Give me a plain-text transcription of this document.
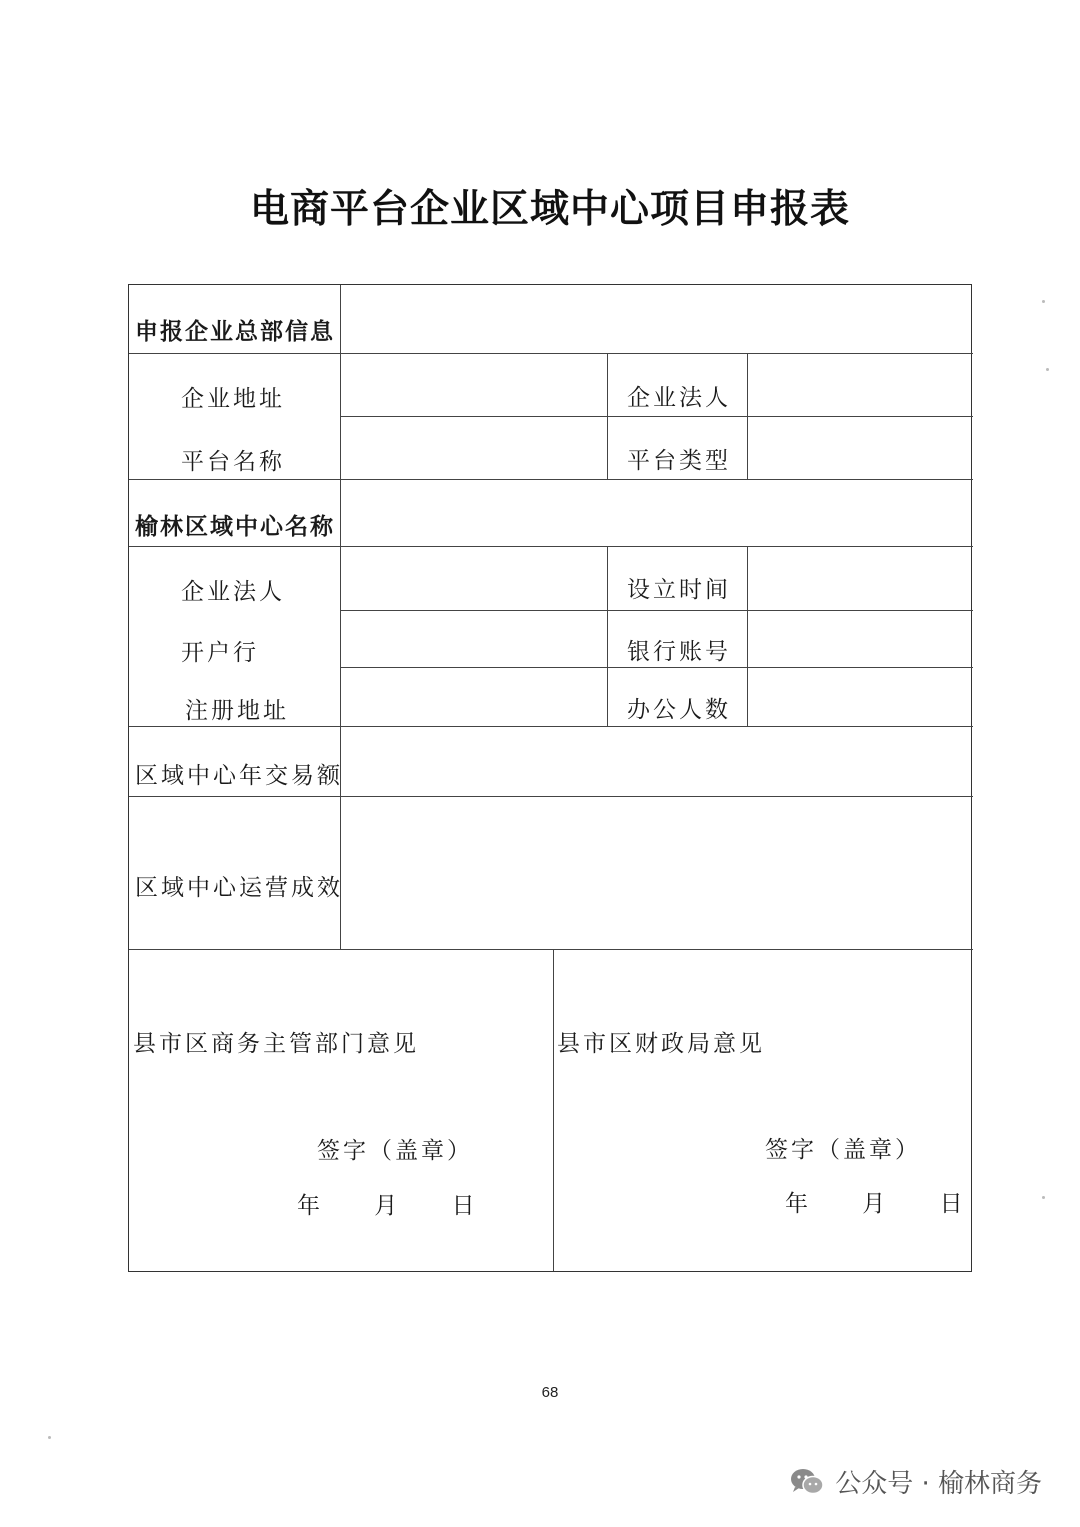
电商平台企业区域中心项目申报表
申报企业总部信息
企业地址	企业法人
平台名称	平台类型
榆林区域中心名称
企业法人	设立时间
开户行	银行账号
注册地址	办公人数
区域中心年交易额
区域中心运营成效
县市区商务主管部门意见
签字（盖章）
年　 月　 日
县市区财政局意见
签字（盖章）
年　 月　 日
68
公众号 · 榆林商务
